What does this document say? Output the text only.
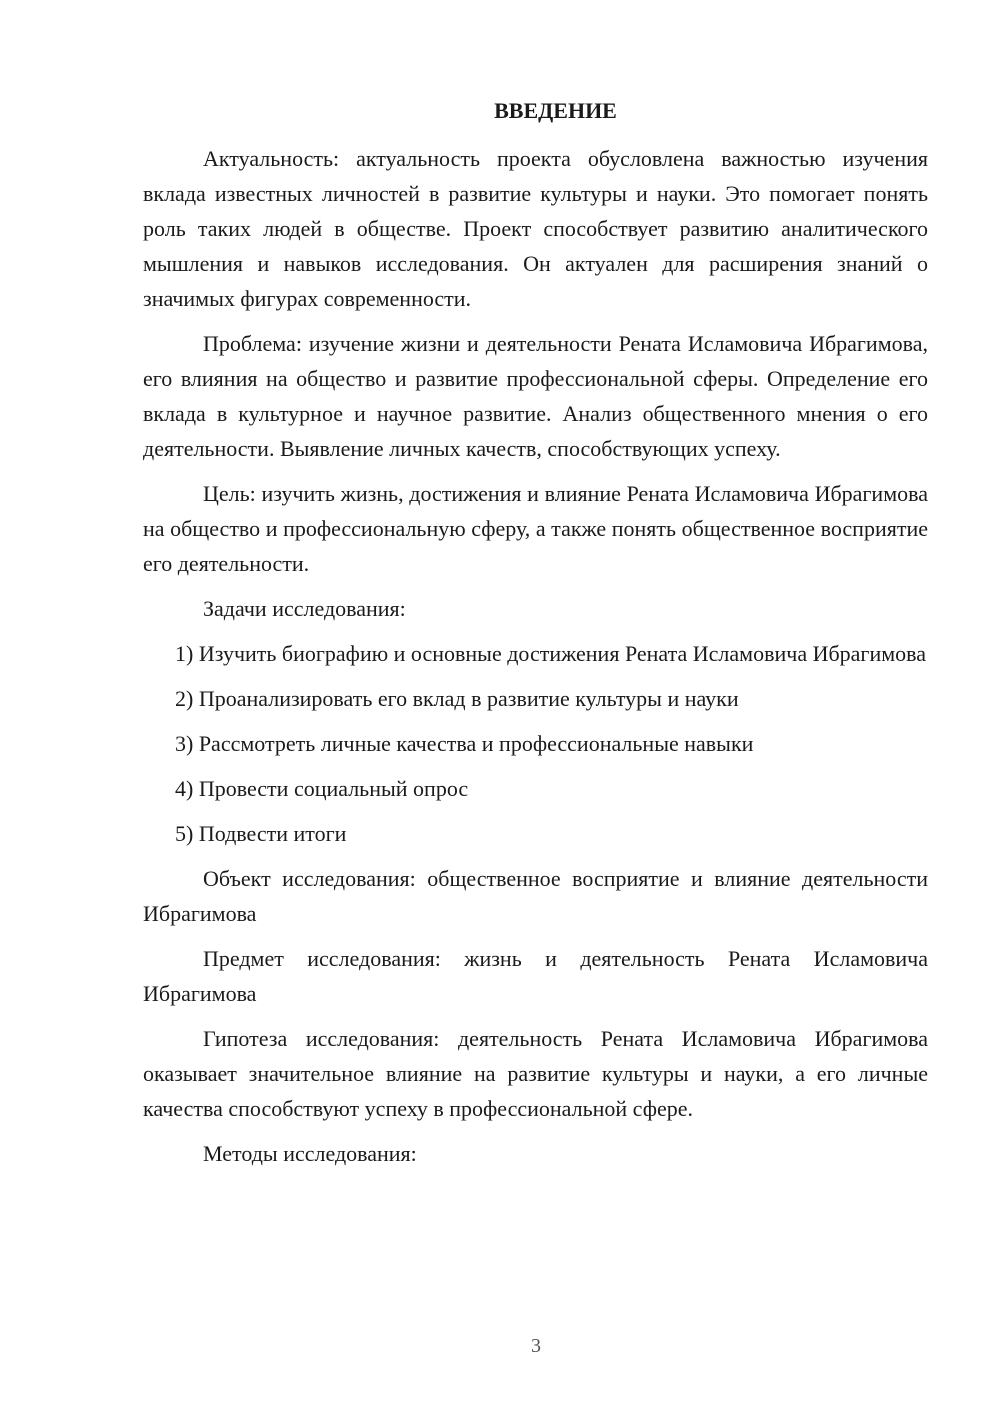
ВВЕДЕНИЕ

Актуальность: актуальность проекта обусловлена важностью изучения вклада известных личностей в развитие культуры и науки. Это помогает понять роль таких людей в обществе. Проект способствует развитию аналитического мышления и навыков исследования. Он актуален для расширения знаний о значимых фигурах современности.

Проблема: изучение жизни и деятельности Рената Исламовича Ибрагимова, его влияния на общество и развитие профессиональной сферы. Определение его вклада в культурное и научное развитие. Анализ общественного мнения о его деятельности. Выявление личных качеств, способствующих успеху.

Цель: изучить жизнь, достижения и влияние Рената Исламовича Ибрагимова на общество и профессиональную сферу, а также понять общественное восприятие его деятельности.

Задачи исследования:

1) Изучить биографию и основные достижения Рената Исламовича Ибрагимова

2) Проанализировать его вклад в развитие культуры и науки

3) Рассмотреть личные качества и профессиональные навыки

4) Провести социальный опрос

5) Подвести итоги

Объект исследования: общественное восприятие и влияние деятельности Ибрагимова

Предмет исследования: жизнь и деятельность Рената Исламовича Ибрагимова

Гипотеза исследования: деятельность Рената Исламовича Ибрагимова оказывает значительное влияние на развитие культуры и науки, а его личные качества способствуют успеху в профессиональной сфере.

Методы исследования:

3
